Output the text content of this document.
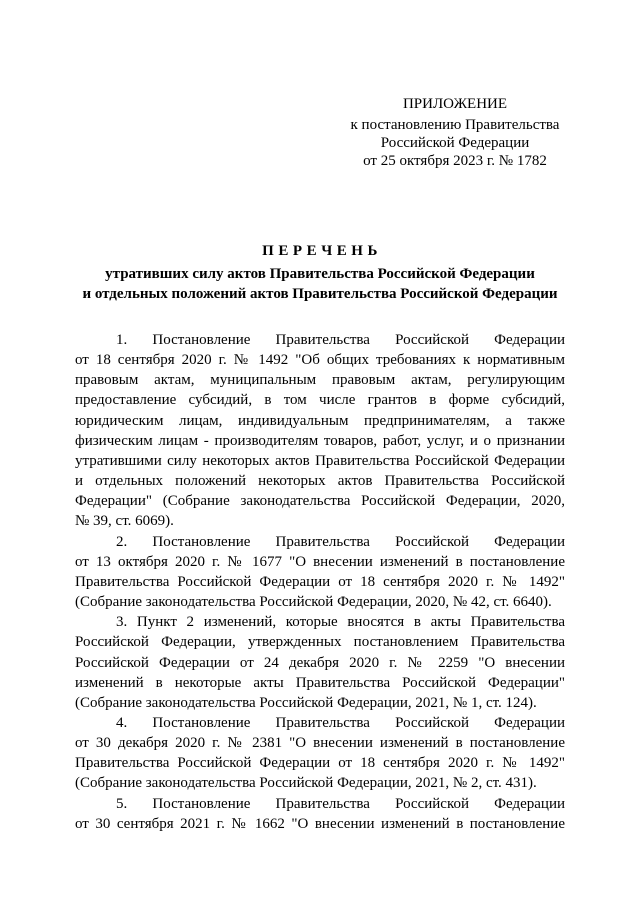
ПРИЛОЖЕНИЕ
к постановлению Правительства
Российской Федерации
от 25 октября 2023 г. № 1782
П Е Р Е Ч Е Н Ь
утративших силу актов Правительства Российской Федерации
и отдельных положений актов Правительства Российской Федерации
1. Постановление Правительства Российской Федерации
от 18 сентября 2020 г. № 1492 "Об общих требованиях к нормативным
правовым актам, муниципальным правовым актам, регулирующим
предоставление субсидий, в том числе грантов в форме субсидий,
юридическим лицам, индивидуальным предпринимателям, а также
физическим лицам - производителям товаров, работ, услуг, и о признании
утратившими силу некоторых актов Правительства Российской Федерации
и отдельных положений некоторых актов Правительства Российской
Федерации" (Собрание законодательства Российской Федерации, 2020,
№ 39, ст. 6069).
2. Постановление Правительства Российской Федерации
от 13 октября 2020 г. № 1677 "О внесении изменений в постановление
Правительства Российской Федерации от 18 сентября 2020 г. № 1492"
(Собрание законодательства Российской Федерации, 2020, № 42, ст. 6640).
3. Пункт 2 изменений, которые вносятся в акты Правительства
Российской Федерации, утвержденных постановлением Правительства
Российской Федерации от 24 декабря 2020 г. № 2259 "О внесении
изменений в некоторые акты Правительства Российской Федерации"
(Собрание законодательства Российской Федерации, 2021, № 1, ст. 124).
4. Постановление Правительства Российской Федерации
от 30 декабря 2020 г. № 2381 "О внесении изменений в постановление
Правительства Российской Федерации от 18 сентября 2020 г. № 1492"
(Собрание законодательства Российской Федерации, 2021, № 2, ст. 431).
5. Постановление Правительства Российской Федерации
от 30 сентября 2021 г. № 1662 "О внесении изменений в постановление
